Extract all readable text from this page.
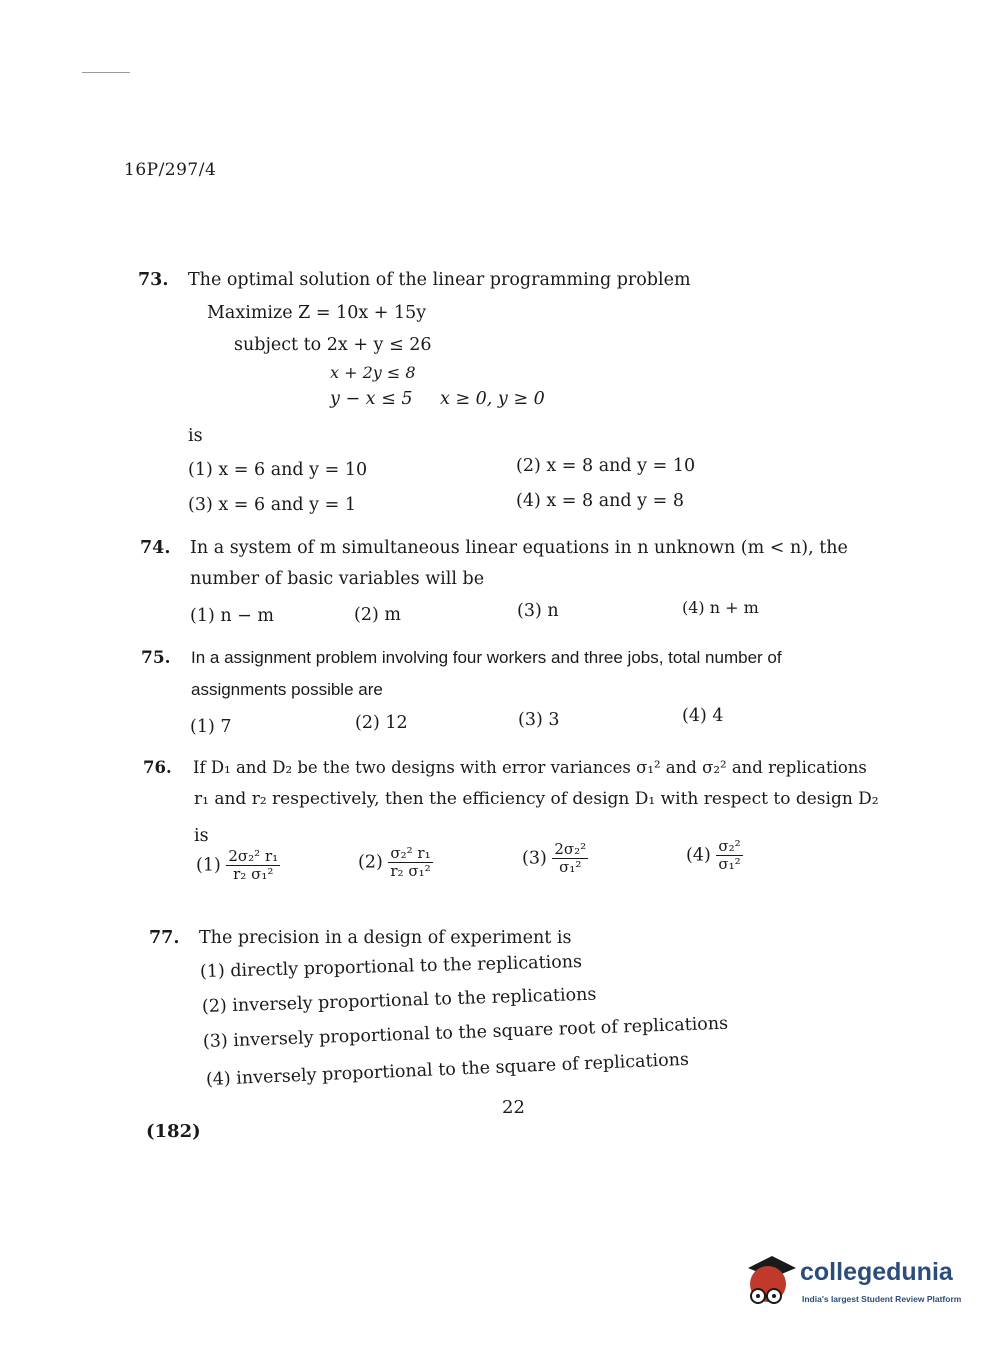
16P/297/4
73. The optimal solution of the linear programming problem
Maximize Z = 10x + 15y
subject to 2x + y ≤ 26
x + 2y ≤ 8
y − x ≤ 5 x ≥ 0, y ≥ 0
is
(1) x = 6 and y = 10	(2) x = 8 and y = 10
(3) x = 6 and y = 1	(4) x = 8 and y = 8
74. In a system of m simultaneous linear equations in n unknown (m < n), the
number of basic variables will be
(1) n − m	(2) m	(3) n	(4) n + m
75. In a assignment problem involving four workers and three jobs, total number of
assignments possible are
(1) 7	(2) 12	(3) 3	(4) 4
76. If D₁ and D₂ be the two designs with error variances σ₁² and σ₂² and replications
r₁ and r₂ respectively, then the efficiency of design D₁ with respect to design D₂
is
$(1) \frac{\text{2σ₂² r₁}}{\text{r₂ σ₁²}}$	$(2) \frac{\text{σ₂² r₁}}{\text{r₂ σ₁²}}$	$(3) \frac{\text{2σ₂²}}{\text{σ₁²}}$	$(4) \frac{\text{σ₂²}}{\text{σ₁²}}$
77. The precision in a design of experiment is
(1) directly proportional to the replications
(2) inversely proportional to the replications
(3) inversely proportional to the square root of replications
(4) inversely proportional to the square of replications
22
(182)
collegedunia
India's largest Student Review Platform
